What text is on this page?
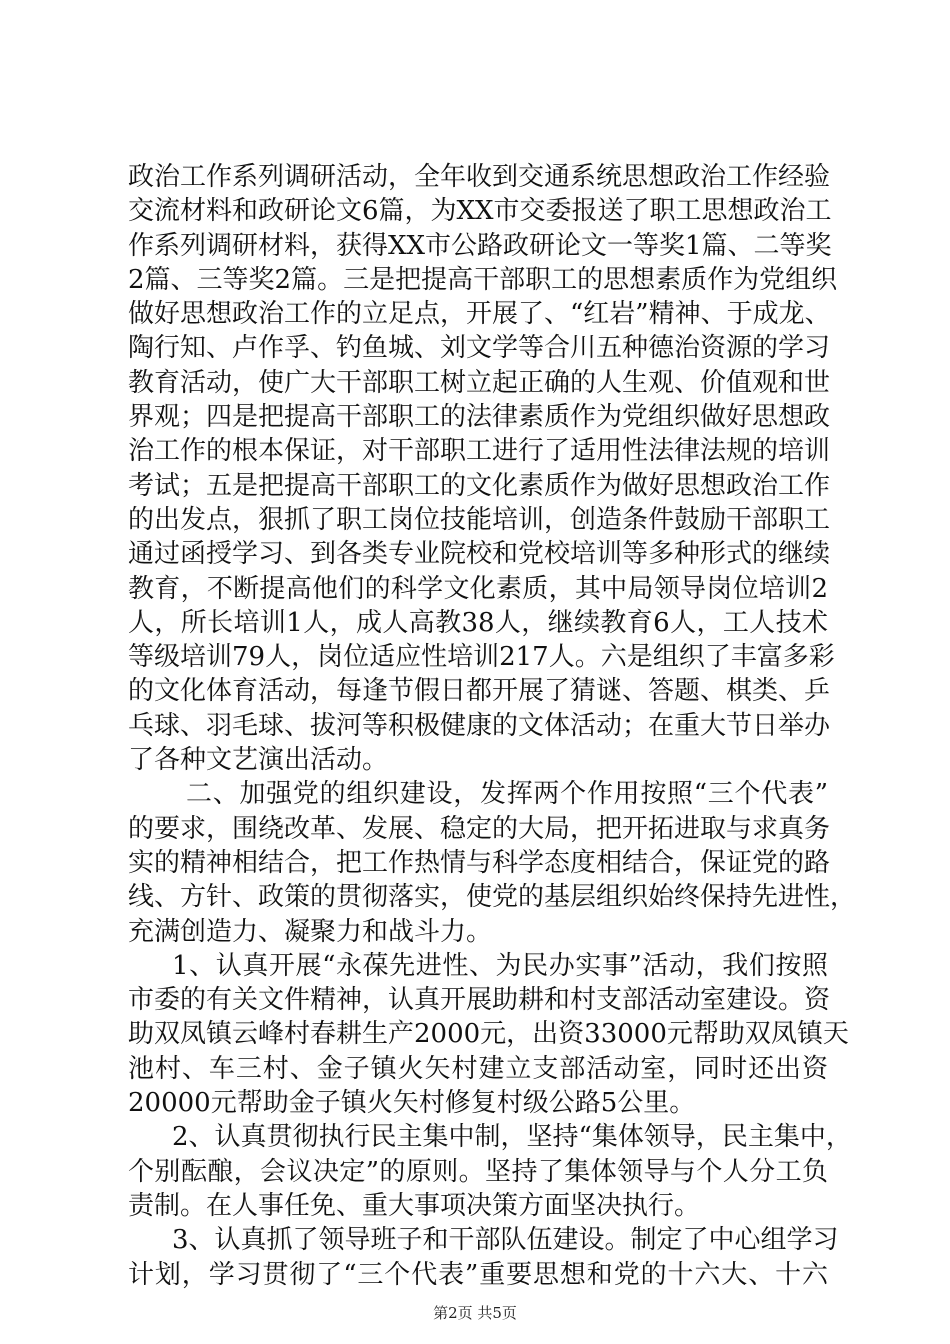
政治工作系列调研活动，全年收到交通系统思想政治工作经验
交流材料和政研论文6篇，为XX市交委报送了职工思想政治工
作系列调研材料，获得XX市公路政研论文一等奖1篇、二等奖
2篇、三等奖2篇。三是把提高干部职工的思想素质作为党组织
做好思想政治工作的立足点，开展了、“红岩”精神、于成龙、
陶行知、卢作孚、钓鱼城、刘文学等合川五种德治资源的学习
教育活动，使广大干部职工树立起正确的人生观、价值观和世
界观；四是把提高干部职工的法律素质作为党组织做好思想政
治工作的根本保证，对干部职工进行了适用性法律法规的培训
考试；五是把提高干部职工的文化素质作为做好思想政治工作
的出发点，狠抓了职工岗位技能培训，创造条件鼓励干部职工
通过函授学习、到各类专业院校和党校培训等多种形式的继续
教育，不断提高他们的科学文化素质，其中局领导岗位培训2
人，所长培训1人，成人高教38人，继续教育6人，工人技术
等级培训79人，岗位适应性培训217人。六是组织了丰富多彩
的文化体育活动，每逢节假日都开展了猜谜、答题、棋类、乒
乓球、羽毛球、拔河等积极健康的文体活动；在重大节日举办
了各种文艺演出活动。
二、加强党的组织建设，发挥两个作用按照“三个代表”
的要求，围绕改革、发展、稳定的大局，把开拓进取与求真务
实的精神相结合，把工作热情与科学态度相结合，保证党的路
线、方针、政策的贯彻落实，使党的基层组织始终保持先进性，
充满创造力、凝聚力和战斗力。
1、认真开展“永葆先进性、为民办实事”活动，我们按照
市委的有关文件精神，认真开展助耕和村支部活动室建设。资
助双凤镇云峰村春耕生产2000元，出资33000元帮助双凤镇天
池村、车三村、金子镇火矢村建立支部活动室，同时还出资
20000元帮助金子镇火矢村修复村级公路5公里。
2、认真贯彻执行民主集中制，坚持“集体领导，民主集中，
个别酝酿，会议决定”的原则。坚持了集体领导与个人分工负
责制。在人事任免、重大事项决策方面坚决执行。
3、认真抓了领导班子和干部队伍建设。制定了中心组学习
计划，学习贯彻了“三个代表”重要思想和党的十六大、十六
第2页 共5页
